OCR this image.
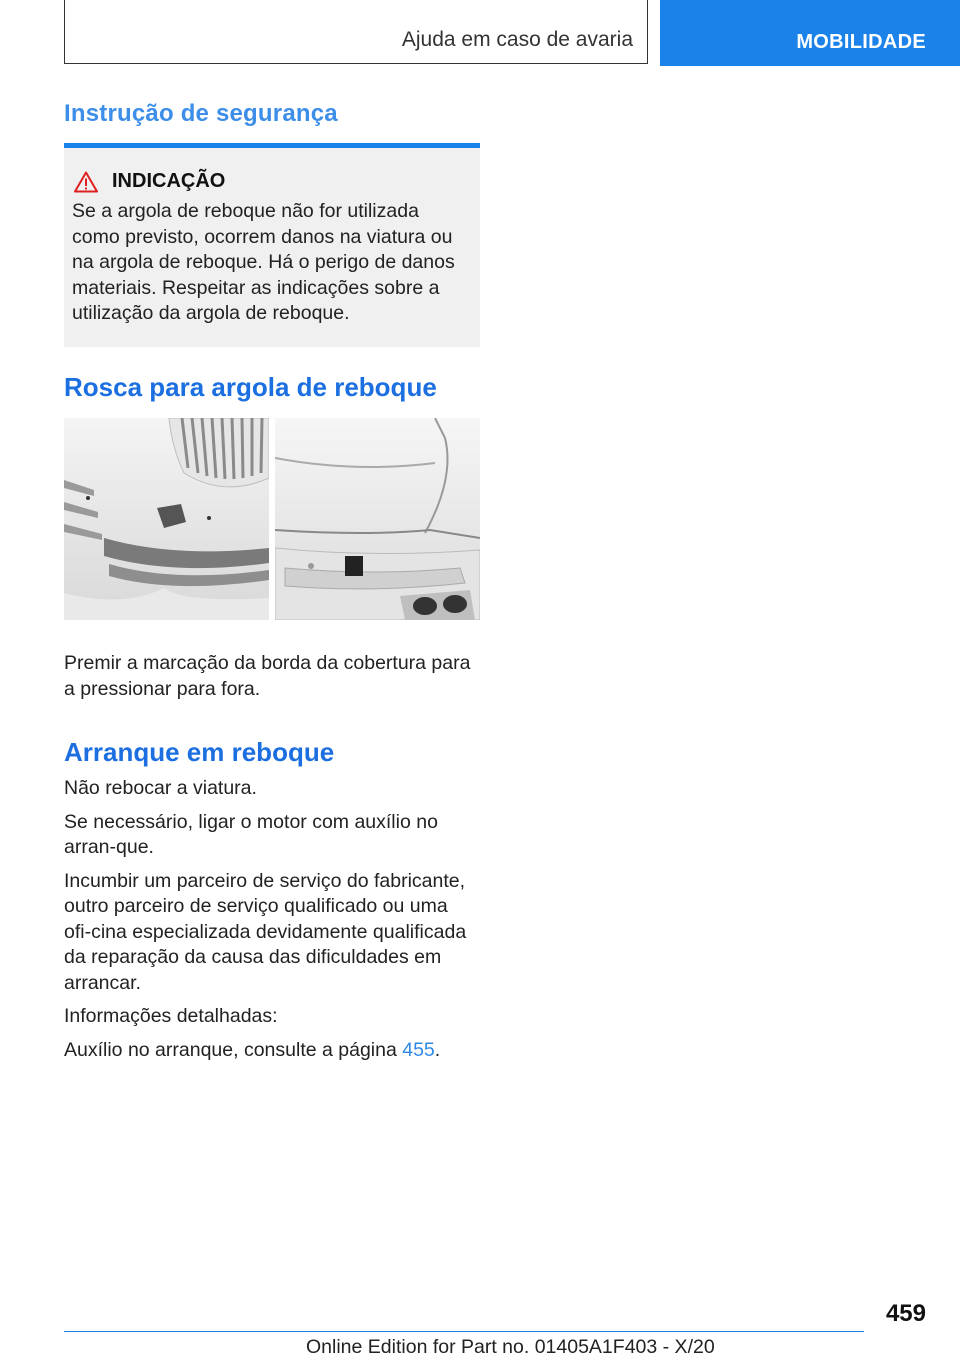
Ajuda em caso de avaria	MOBILIDADE
Instrução de segurança
INDICAÇÃO
Se a argola de reboque não for utilizada como previsto, ocorrem danos na viatura ou na argola de reboque. Há o perigo de danos materiais. Respeitar as indicações sobre a utilização da argola de reboque.
Rosca para argola de reboque

Premir a marcação da borda da cobertura para a pressionar para fora.

Arranque em reboque

Não rebocar a viatura.

Se necessário, ligar o motor com auxílio no arran-que.

Incumbir um parceiro de serviço do fabricante, outro parceiro de serviço qualificado ou uma ofi-cina especializada devidamente qualificada da reparação da causa das dificuldades em arrancar.

Informações detalhadas:

Auxílio no arranque, consulte a página 455.

459
Online Edition for Part no. 01405A1F403 - X/20
